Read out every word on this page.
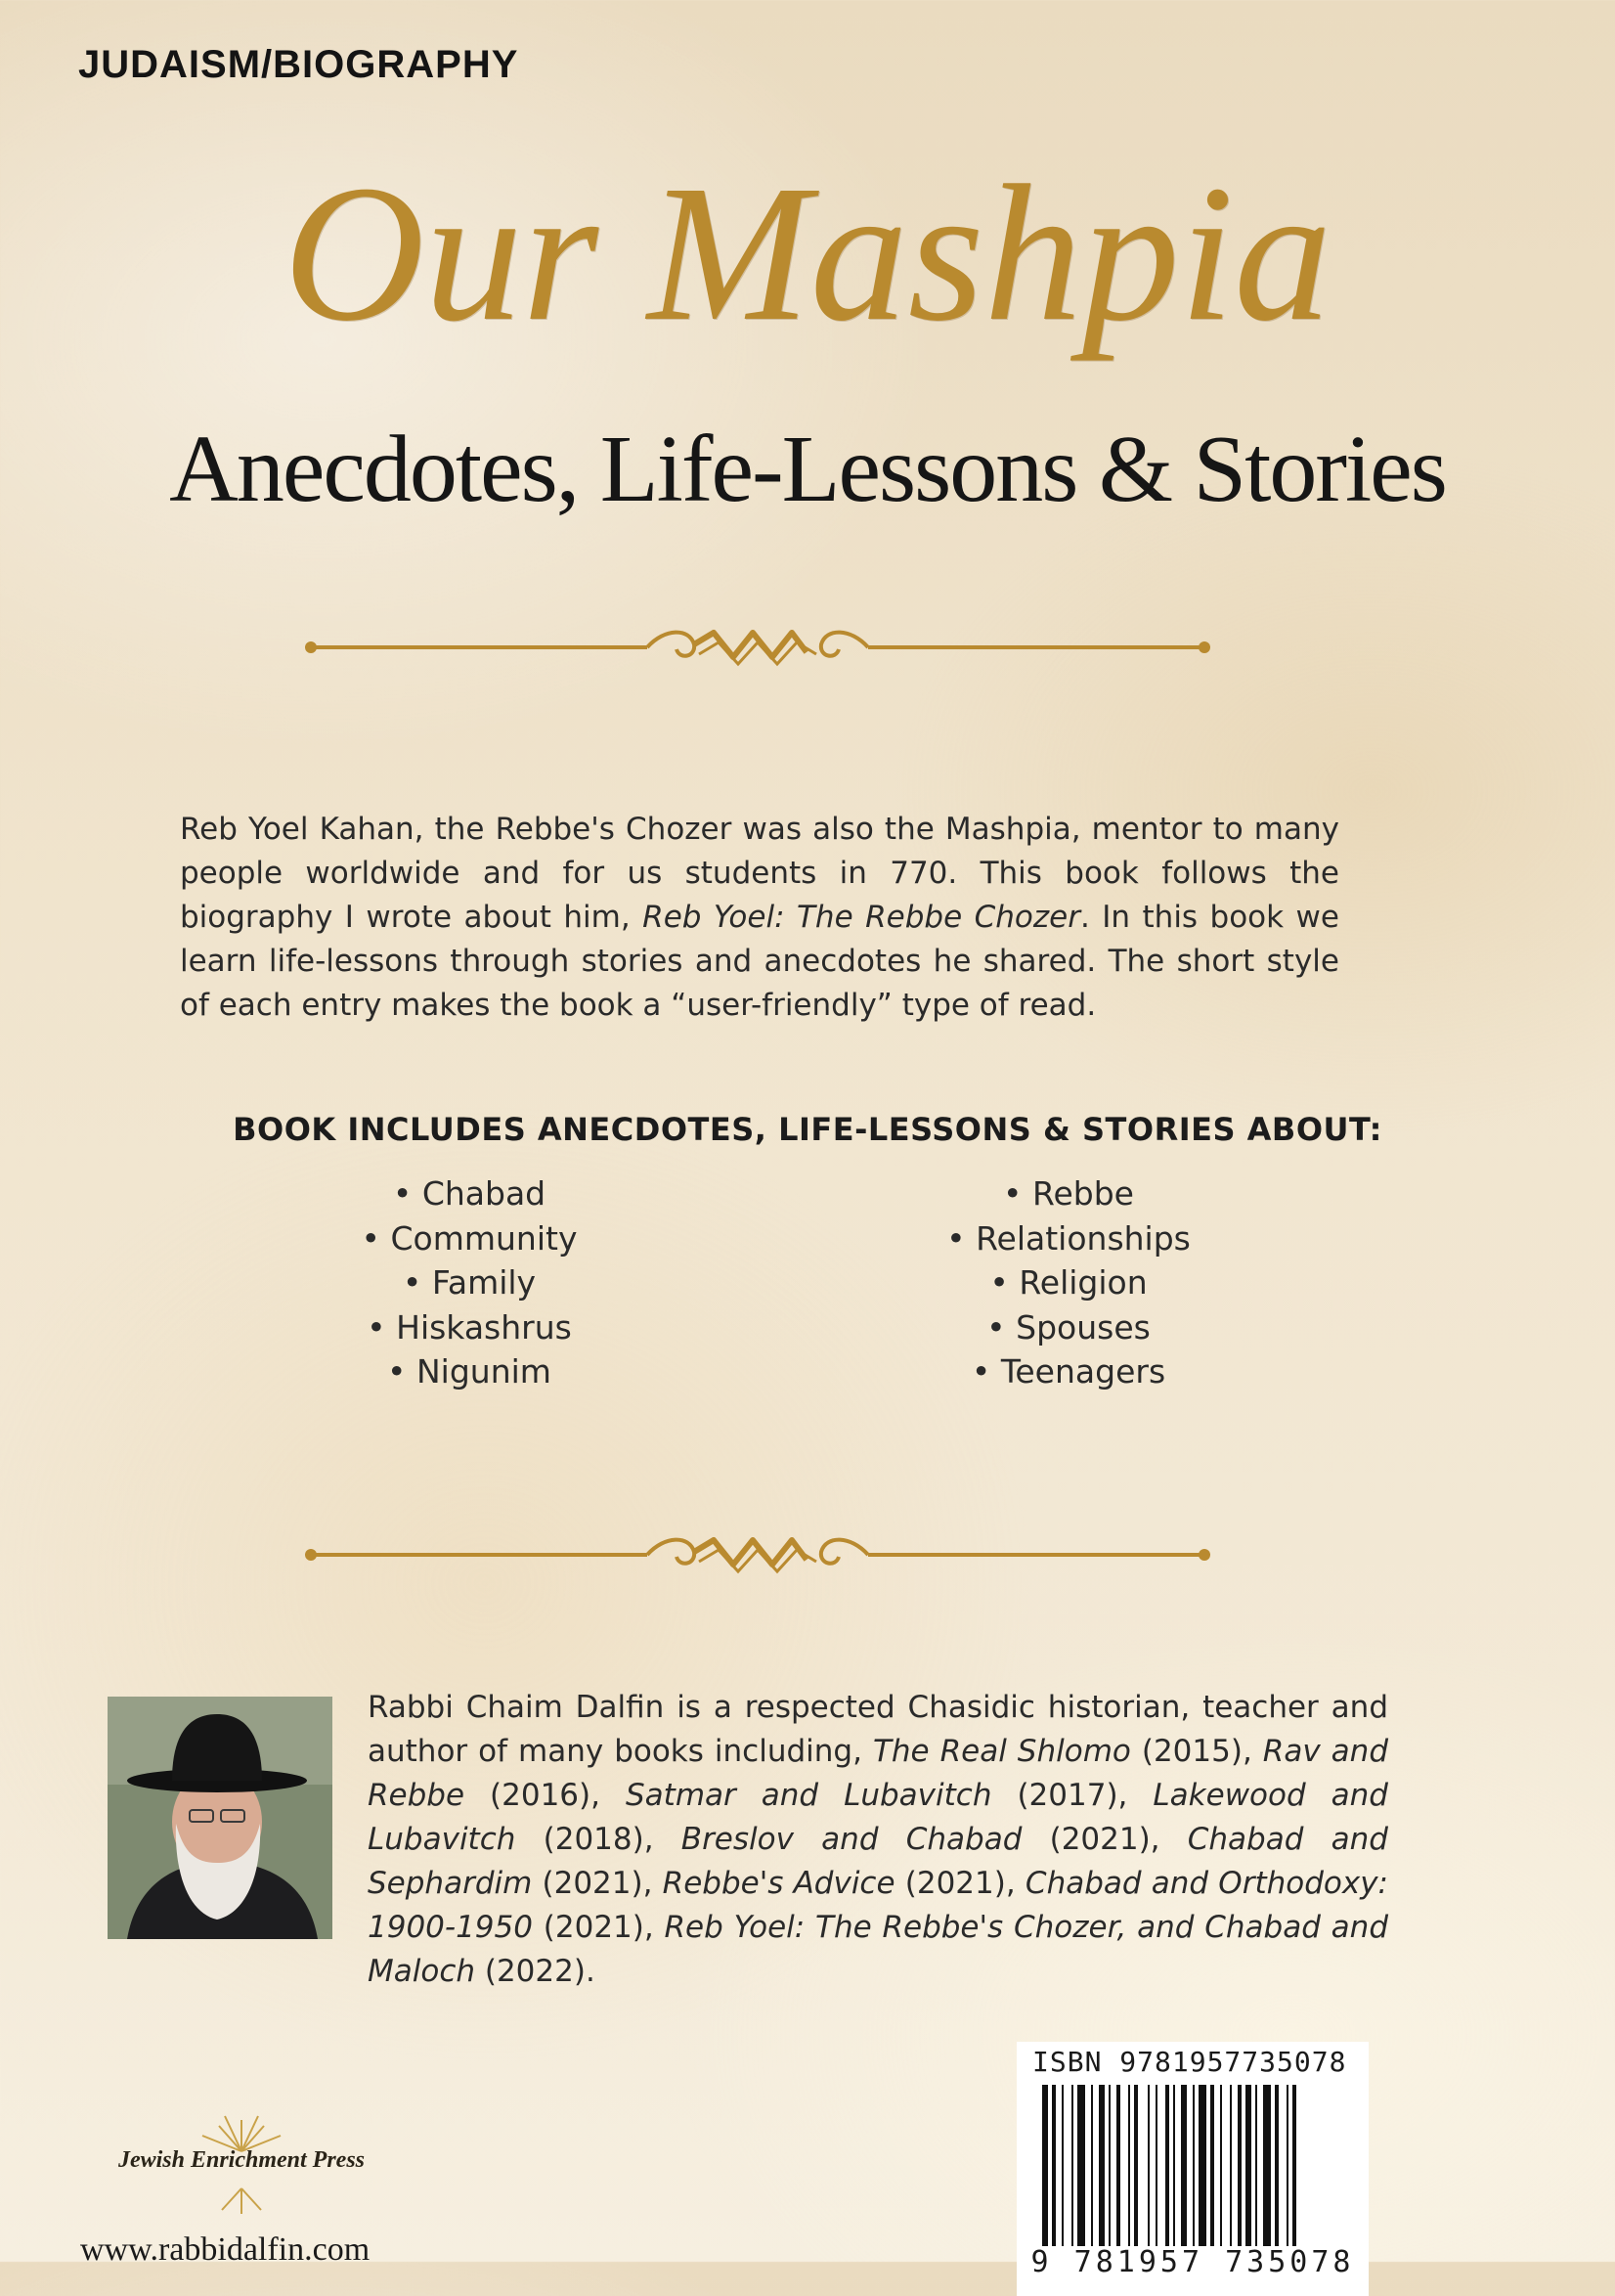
JUDAISM/BIOGRAPHY
Our Mashpia
Anecdotes, Life-Lessons & Stories

Reb Yoel Kahan, the Rebbe's Chozer was also the Mashpia, mentor to many people worldwide and for us students in 770. This book follows the biography I wrote about him, Reb Yoel: The Rebbe Chozer. In this book we learn life-lessons through stories and anecdotes he shared. The short style of each entry makes the book a “user-friendly” type of read.

BOOK INCLUDES ANECDOTES, LIFE-LESSONS & STORIES ABOUT:
• Chabad
• Community
• Family
• Hiskashrus
• Nigunim
• Rebbe
• Relationships
• Religion
• Spouses
• Teenagers

Rabbi Chaim Dalfin is a respected Chasidic historian, teacher and author of many books including, The Real Shlomo (2015), Rav and Rebbe (2016), Satmar and Lubavitch (2017), Lakewood and Lubavitch (2018), Breslov and Chabad (2021), Chabad and Sephardim (2021), Rebbe's Advice (2021), Chabad and Orthodoxy: 1900-1950 (2021), Reb Yoel: The Rebbe's Chozer, and Chabad and Maloch (2022).

Jewish Enrichment Press
www.rabbidalfin.com
ISBN 9781957735078
9 781957 735078
